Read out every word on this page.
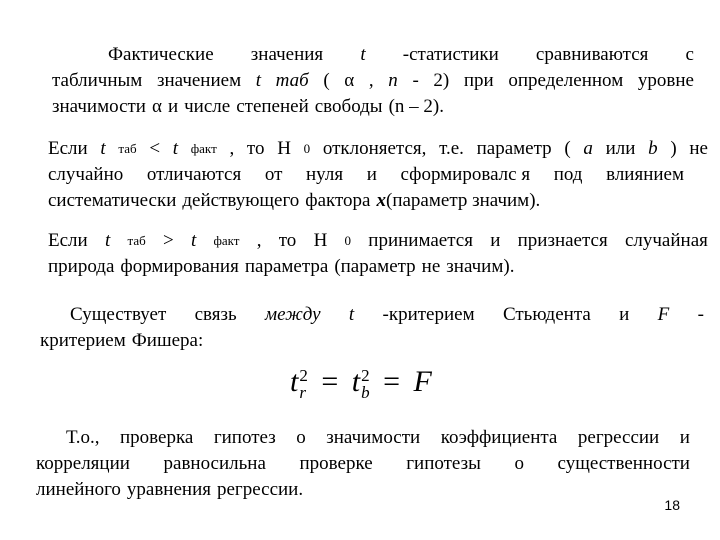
Фактические значения t -статистики сравниваются с
табличным значением t таб ( α , n - 2) при определенном уровне
значимости α и числе степеней свободы (n – 2).
Если t таб < t факт , то Н 0 отклоняется, т.е. параметр ( a или b ) не
случайно отличаются от нуля и сформировалс я под влиянием
систематически действующего фактора x (параметр значим).
Если t таб > t факт , то Н 0 принимается и признается случайная
природа формирования параметра (параметр не значим).
Существует связь между t -критерием Стьюдента и F -
критерием Фишера:
t 2
r = t 2
b = F
Т.о., проверка гипотез о значимости коэффициента регрессии и
корреляции равносильна проверке гипотезы о существенности
линейного уравнения регрессии.
18
